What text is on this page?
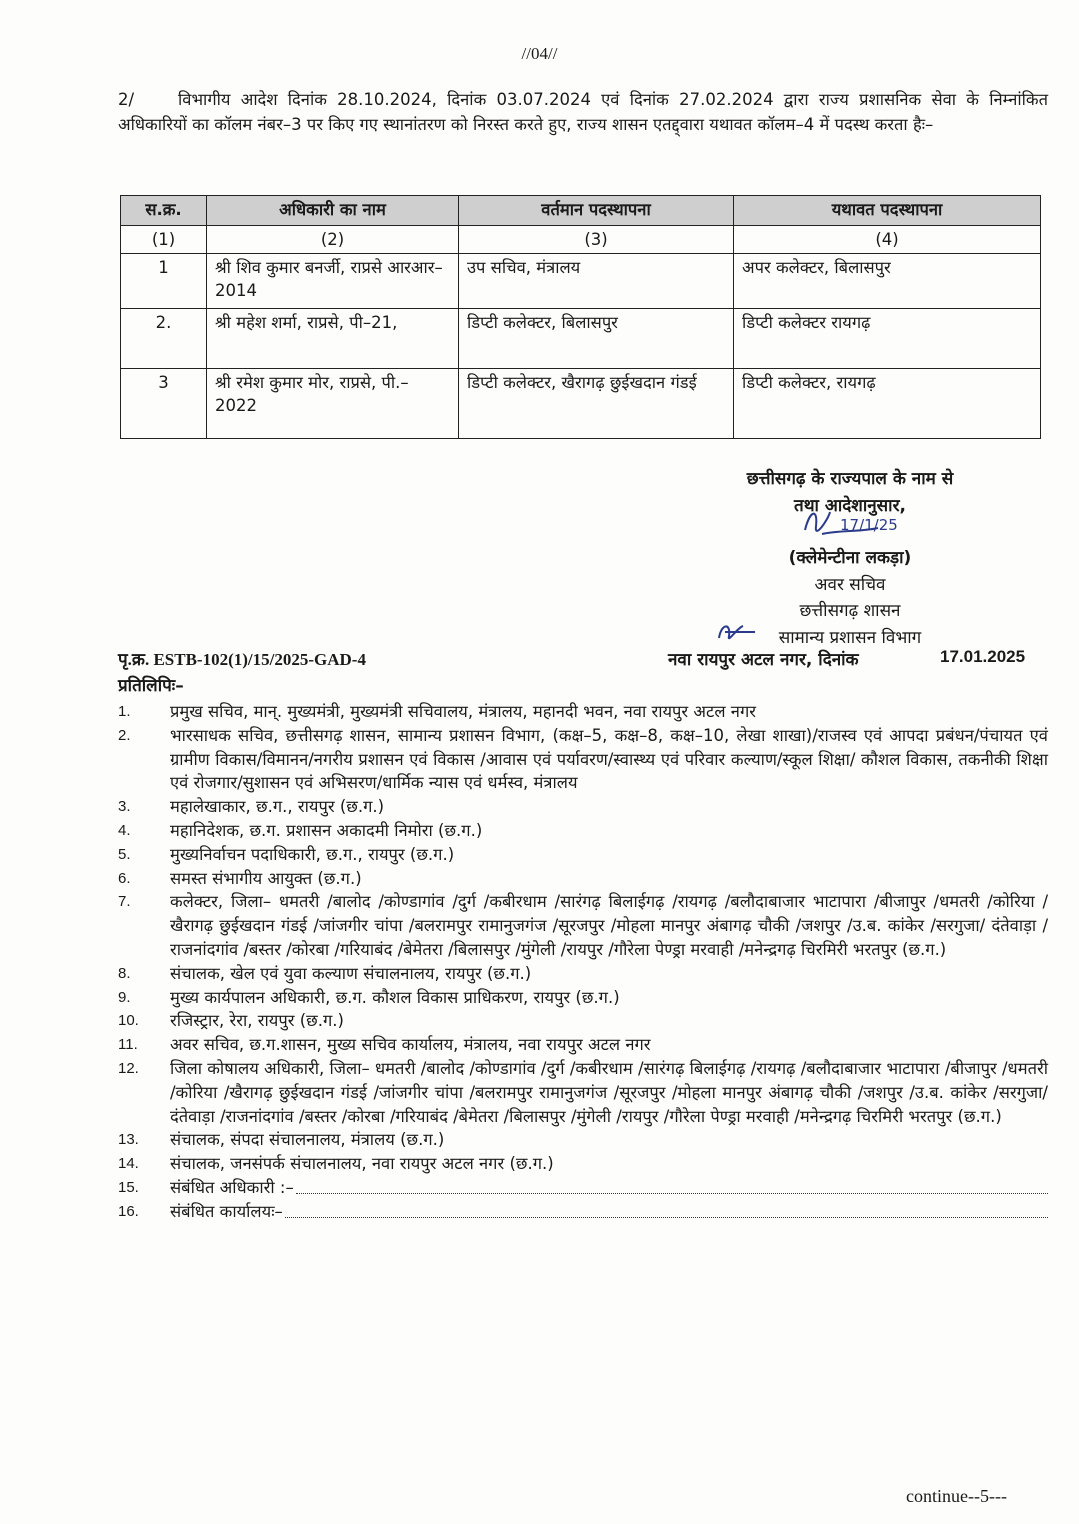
//04//
2/	विभागीय आदेश दिनांक 28.10.2024, दिनांक 03.07.2024 एवं दिनांक 27.02.2024 द्वारा राज्य प्रशासनिक सेवा के निम्नांकित अधिकारियों का कॉलम नंबर–3 पर किए गए स्थानांतरण को निरस्त करते हुए, राज्य शासन एतद्द्वारा यथावत कॉलम–4 में पदस्थ करता हैः–
स.क्र.	अधिकारी का नाम	वर्तमान पदस्थापना	यथावत पदस्थापना
(1)	(2)	(3)	(4)
1	श्री शिव कुमार बनर्जी, राप्रसे आरआर–2014	उप सचिव, मंत्रालय	अपर कलेक्टर, बिलासपुर
2.	श्री महेश शर्मा, राप्रसे, पी–21,	डिप्टी कलेक्टर, बिलासपुर	डिप्टी कलेक्टर रायगढ़
3	श्री रमेश कुमार मोर, राप्रसे, पी.–2022	डिप्टी कलेक्टर, खैरागढ़ छुईखदान गंडई	डिप्टी कलेक्टर, रायगढ़
छत्तीसगढ़ के राज्यपाल के नाम से
तथा आदेशानुसार,
(क्लेमेन्टीना लकड़ा)
अवर सचिव
छत्तीसगढ़ शासन
सामान्य प्रशासन विभाग
17/1/25
पृ.क्र. ESTB-102(1)/15/2025-GAD-4	नवा रायपुर अटल नगर, दिनांक	17.01.2025
प्रतिलिपिः–
1.	प्रमुख सचिव, मान्. मुख्यमंत्री, मुख्यमंत्री सचिवालय, मंत्रालय, महानदी भवन, नवा रायपुर अटल नगर
2.	भारसाधक सचिव, छत्तीसगढ़ शासन, सामान्य प्रशासन विभाग, (कक्ष–5, कक्ष–8, कक्ष–10, लेखा शाखा)/राजस्व एवं आपदा प्रबंधन/पंचायत एवं ग्रामीण विकास/विमानन/नगरीय प्रशासन एवं विकास /आवास एवं पर्यावरण/स्वास्थ्य एवं परिवार कल्याण/स्कूल शिक्षा/ कौशल विकास, तकनीकी शिक्षा एवं रोजगार/सुशासन एवं अभिसरण/धार्मिक न्यास एवं धर्मस्व, मंत्रालय
3.	महालेखाकार, छ.ग., रायपुर (छ.ग.)
4.	महानिदेशक, छ.ग. प्रशासन अकादमी निमोरा (छ.ग.)
5.	मुख्यनिर्वाचन पदाधिकारी, छ.ग., रायपुर (छ.ग.)
6.	समस्त संभागीय आयुक्त (छ.ग.)
7.	कलेक्टर, जिला– धमतरी /बालोद /कोण्डागांव /दुर्ग /कबीरधाम /सारंगढ़ बिलाईगढ़ /रायगढ़ /बलौदाबाजार भाटापारा /बीजापुर /धमतरी /कोरिया /खैरागढ़ छुईखदान गंडई /जांजगीर चांपा /बलरामपुर रामानुजगंज /सूरजपुर /मोहला मानपुर अंबागढ़ चौकी /जशपुर /उ.ब. कांकेर /सरगुजा/ दंतेवाड़ा /राजनांदगांव /बस्तर /कोरबा /गरियाबंद /बेमेतरा /बिलासपुर /मुंगेली /रायपुर /गौरेला पेण्ड्रा मरवाही /मनेन्द्रगढ़ चिरमिरी भरतपुर (छ.ग.)
8.	संचालक, खेल एवं युवा कल्याण संचालनालय, रायपुर (छ.ग.)
9.	मुख्य कार्यपालन अधिकारी, छ.ग. कौशल विकास प्राधिकरण, रायपुर (छ.ग.)
10.	रजिस्ट्रार, रेरा, रायपुर (छ.ग.)
11.	अवर सचिव, छ.ग.शासन, मुख्य सचिव कार्यालय, मंत्रालय, नवा रायपुर अटल नगर
12.	जिला कोषालय अधिकारी, जिला– धमतरी /बालोद /कोण्डागांव /दुर्ग /कबीरधाम /सारंगढ़ बिलाईगढ़ /रायगढ़ /बलौदाबाजार भाटापारा /बीजापुर /धमतरी /कोरिया /खैरागढ़ छुईखदान गंडई /जांजगीर चांपा /बलरामपुर रामानुजगंज /सूरजपुर /मोहला मानपुर अंबागढ़ चौकी /जशपुर /उ.ब. कांकेर /सरगुजा/ दंतेवाड़ा /राजनांदगांव /बस्तर /कोरबा /गरियाबंद /बेमेतरा /बिलासपुर /मुंगेली /रायपुर /गौरेला पेण्ड्रा मरवाही /मनेन्द्रगढ़ चिरमिरी भरतपुर (छ.ग.)
13.	संचालक, संपदा संचालनालय, मंत्रालय (छ.ग.)
14.	संचालक, जनसंपर्क संचालनालय, नवा रायपुर अटल नगर (छ.ग.)
15.	संबंधित अधिकारी :–
16.	संबंधित कार्यालयः–
continue--5---
